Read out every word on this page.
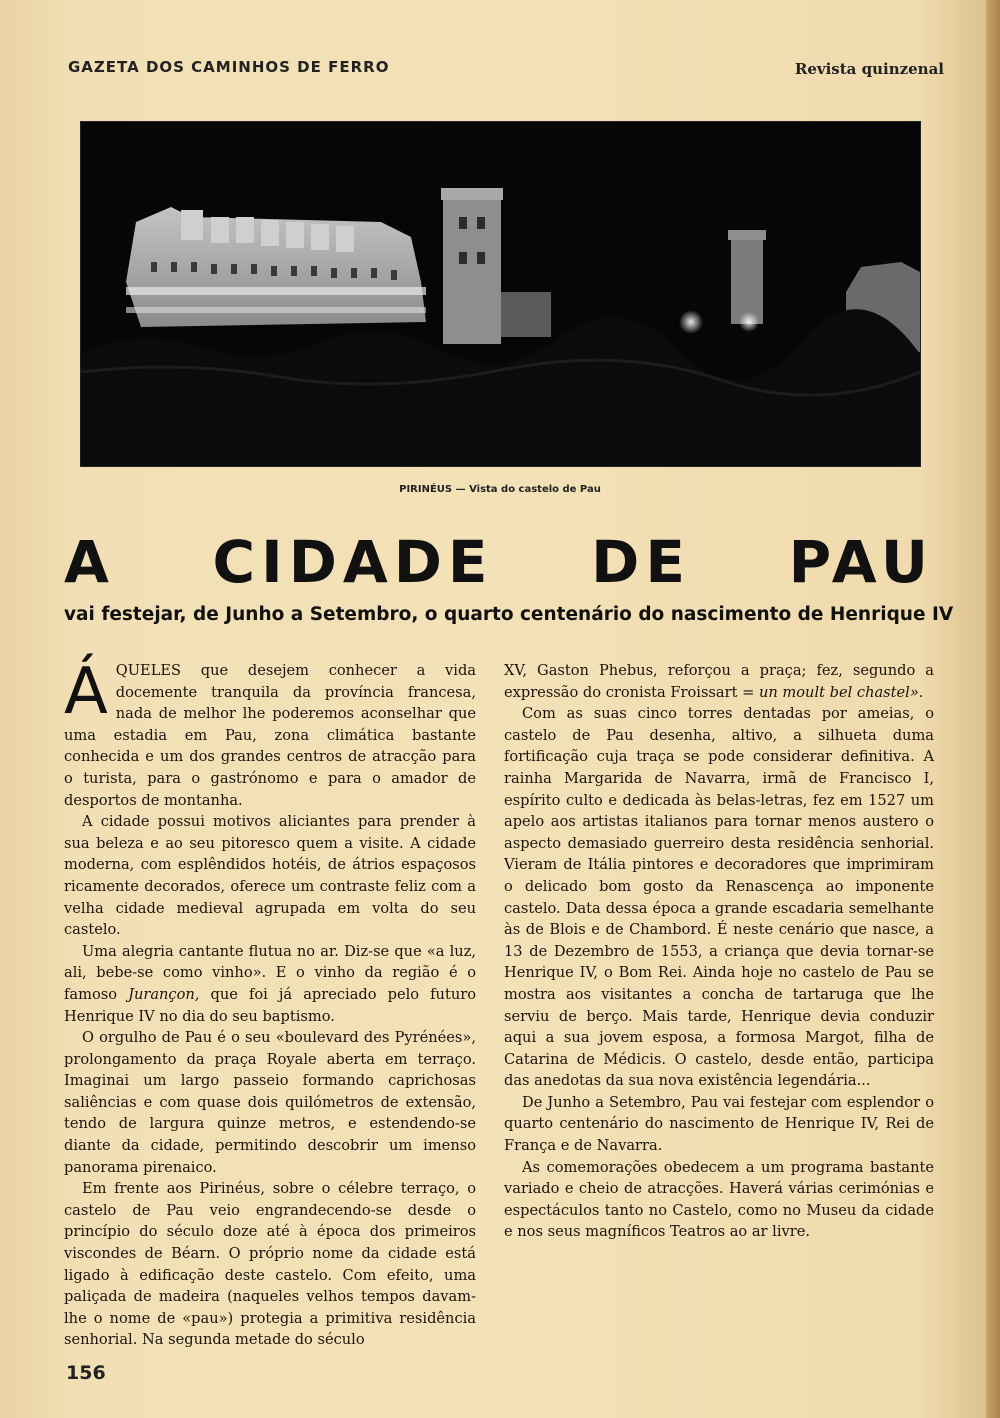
GAZETA DOS CAMINHOS DE FERRO	Revista quinzenal
PIRINÉUS — Vista do castelo de Pau
A CIDADE DE PAU
vai festejar, de Junho a Setembro, o quarto centenário do nascimento de Henrique IV

ÁQUELES que desejem conhecer a vida docemente tranquila da província francesa, nada de melhor lhe poderemos aconselhar que uma estadia em Pau, zona climática bastante conhecida e um dos grandes centros de atracção para o turista, para o gastrónomo e para o amador de desportos de montanha.

A cidade possui motivos aliciantes para prender à sua beleza e ao seu pitoresco quem a visite. A cidade moderna, com esplêndidos hotéis, de átrios espaçosos ricamente decorados, oferece um contraste feliz com a velha cidade medieval agrupada em volta do seu castelo.

Uma alegria cantante flutua no ar. Diz-se que «a luz, ali, bebe-se como vinho». E o vinho da região é o famoso Jurançon, que foi já apreciado pelo futuro Henrique IV no dia do seu baptismo.

O orgulho de Pau é o seu «boulevard des Pyrénées», prolongamento da praça Royale aberta em terraço. Imaginai um largo passeio formando caprichosas saliências e com quase dois quilómetros de extensão, tendo de largura quinze metros, e estendendo-se diante da cidade, permitindo descobrir um imenso panorama pirenaico.

Em frente aos Pirinéus, sobre o célebre terraço, o castelo de Pau veio engrandecendo-se desde o princípio do século doze até à época dos primeiros viscondes de Béarn. O próprio nome da cidade está ligado à edificação deste castelo. Com efeito, uma paliçada de madeira (naqueles velhos tempos davam-lhe o nome de «pau») protegia a primitiva residência senhorial. Na segunda metade do século

XV, Gaston Phebus, reforçou a praça; fez, segundo a expressão do cronista Froissart = un moult bel chastel».

Com as suas cinco torres dentadas por ameias, o castelo de Pau desenha, altivo, a silhueta duma fortificação cuja traça se pode considerar definitiva. A rainha Margarida de Navarra, irmã de Francisco I, espírito culto e dedicada às belas-letras, fez em 1527 um apelo aos artistas italianos para tornar menos austero o aspecto demasiado guerreiro desta residência senhorial. Vieram de Itália pintores e decoradores que imprimiram o delicado bom gosto da Renascença ao imponente castelo. Data dessa época a grande escadaria semelhante às de Blois e de Chambord. É neste cenário que nasce, a 13 de Dezembro de 1553, a criança que devia tornar-se Henrique IV, o Bom Rei. Ainda hoje no castelo de Pau se mostra aos visitantes a concha de tartaruga que lhe serviu de berço. Mais tarde, Henrique devia conduzir aqui a sua jovem esposa, a formosa Margot, filha de Catarina de Médicis. O castelo, desde então, participa das anedotas da sua nova existência legendária...

De Junho a Setembro, Pau vai festejar com esplendor o quarto centenário do nascimento de Henrique IV, Rei de França e de Navarra.

As comemorações obedecem a um programa bastante variado e cheio de atracções. Haverá várias cerimónias e espectáculos tanto no Castelo, como no Museu da cidade e nos seus magníficos Teatros ao ar livre.

156
